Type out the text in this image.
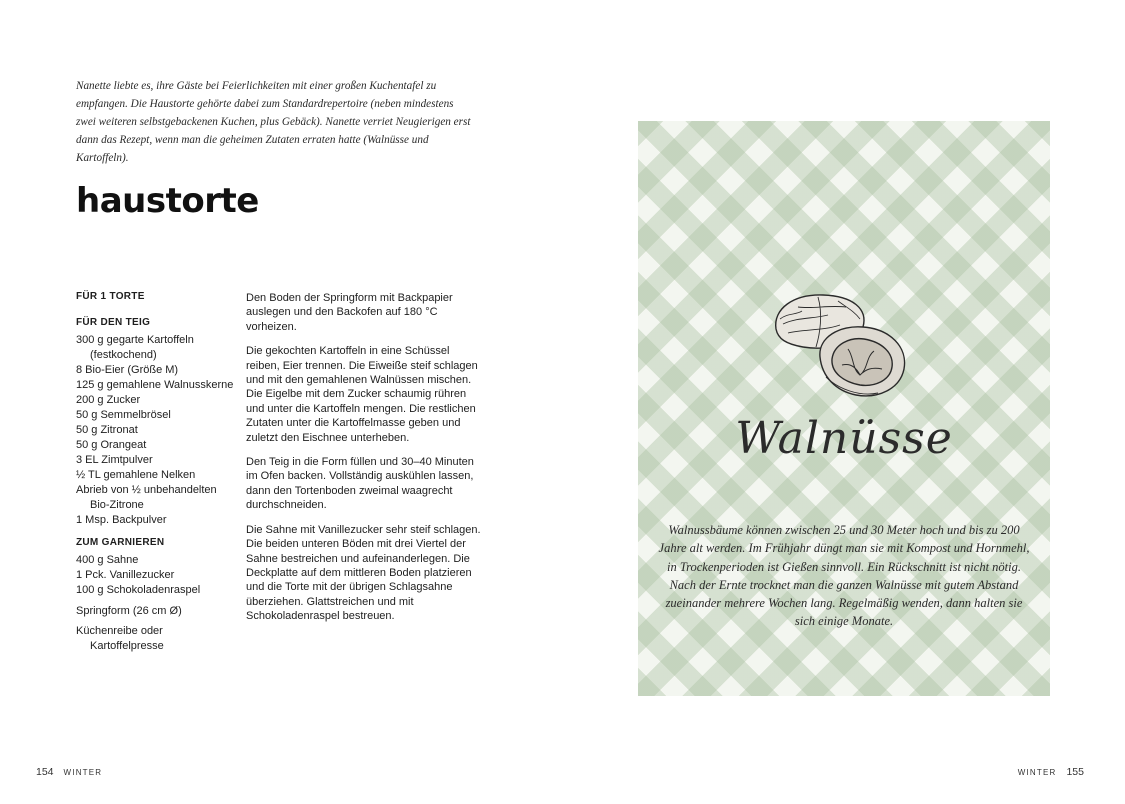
Nanette liebte es, ihre Gäste bei Feierlichkeiten mit einer großen Kuchentafel zu empfangen. Die Haustorte gehörte dabei zum Standardrepertoire (neben mindestens zwei weiteren selbstgebackenen Kuchen, plus Gebäck). Nanette verriet Neugierigen erst dann das Rezept, wenn man die geheimen Zutaten erraten hatte (Walnüsse und Kartoffeln).

haustorte

FÜR 1 TORTE

FÜR DEN TEIG

300 g gegarte Kartoffeln (festkochend)
8 Bio-Eier (Größe M)
125 g gemahlene Walnusskerne
200 g Zucker
50 g Semmelbrösel
50 g Zitronat
50 g Orangeat
3 EL Zimtpulver
½ TL gemahlene Nelken
Abrieb von ½ unbehandelten Bio-Zitrone
1 Msp. Backpulver

ZUM GARNIEREN

400 g Sahne
1 Pck. Vanillezucker
100 g Schokoladenraspel
Springform (26 cm Ø)
Küchenreibe oder Kartoffelpresse

Den Boden der Springform mit Backpapier auslegen und den Backofen auf 180 °C vorheizen.

Die gekochten Kartoffeln in eine Schüssel reiben, Eier trennen. Die Eiweiße steif schlagen und mit den gemahlenen Walnüssen mischen. Die Eigelbe mit dem Zucker schaumig rühren und unter die Kartoffeln mengen. Die restlichen Zutaten unter die Kartoffelmasse geben und zuletzt den Eischnee unterheben.

Den Teig in die Form füllen und 30–40 Minuten im Ofen backen. Vollständig auskühlen lassen, dann den Tortenboden zweimal waagrecht durchschneiden.

Die Sahne mit Vanillezucker sehr steif schlagen. Die beiden unteren Böden mit drei Viertel der Sahne bestreichen und aufeinanderlegen. Die Deckplatte auf dem mittleren Boden platzieren und die Torte mit der übrigen Schlagsahne überziehen. Glattstreichen und mit Schokoladenraspel bestreuen.

Walnüsse

Walnussbäume können zwischen 25 und 30 Meter hoch und bis zu 200 Jahre alt werden. Im Frühjahr düngt man sie mit Kompost und Hornmehl, in Trockenperioden ist Gießen sinnvoll. Ein Rückschnitt ist nicht nötig. Nach der Ernte trocknet man die ganzen Walnüsse mit gutem Abstand zueinander mehrere Wochen lang. Regelmäßig wenden, dann halten sie sich einige Monate.

154 WINTER	WINTER 155
